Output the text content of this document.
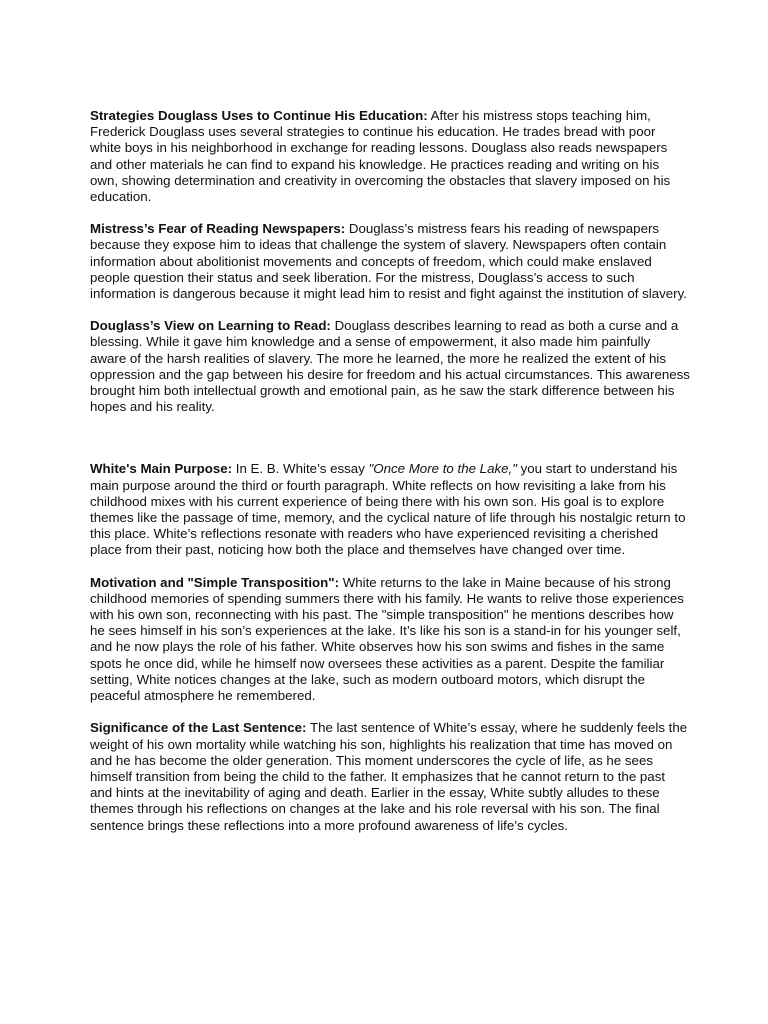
Strategies Douglass Uses to Continue His Education: After his mistress stops teaching him, Frederick Douglass uses several strategies to continue his education. He trades bread with poor white boys in his neighborhood in exchange for reading lessons. Douglass also reads newspapers and other materials he can find to expand his knowledge. He practices reading and writing on his own, showing determination and creativity in overcoming the obstacles that slavery imposed on his education.

Mistress’s Fear of Reading Newspapers: Douglass’s mistress fears his reading of newspapers because they expose him to ideas that challenge the system of slavery. Newspapers often contain information about abolitionist movements and concepts of freedom, which could make enslaved people question their status and seek liberation. For the mistress, Douglass’s access to such information is dangerous because it might lead him to resist and fight against the institution of slavery.

Douglass’s View on Learning to Read: Douglass describes learning to read as both a curse and a blessing. While it gave him knowledge and a sense of empowerment, it also made him painfully aware of the harsh realities of slavery. The more he learned, the more he realized the extent of his oppression and the gap between his desire for freedom and his actual circumstances. This awareness brought him both intellectual growth and emotional pain, as he saw the stark difference between his hopes and his reality.

White's Main Purpose: In E. B. White’s essay "Once More to the Lake," you start to understand his main purpose around the third or fourth paragraph. White reflects on how revisiting a lake from his childhood mixes with his current experience of being there with his own son. His goal is to explore themes like the passage of time, memory, and the cyclical nature of life through his nostalgic return to this place. White’s reflections resonate with readers who have experienced revisiting a cherished place from their past, noticing how both the place and themselves have changed over time.

Motivation and "Simple Transposition": White returns to the lake in Maine because of his strong childhood memories of spending summers there with his family. He wants to relive those experiences with his own son, reconnecting with his past. The "simple transposition" he mentions describes how he sees himself in his son’s experiences at the lake. It’s like his son is a stand-in for his younger self, and he now plays the role of his father. White observes how his son swims and fishes in the same spots he once did, while he himself now oversees these activities as a parent. Despite the familiar setting, White notices changes at the lake, such as modern outboard motors, which disrupt the peaceful atmosphere he remembered.

Significance of the Last Sentence: The last sentence of White’s essay, where he suddenly feels the weight of his own mortality while watching his son, highlights his realization that time has moved on and he has become the older generation. This moment underscores the cycle of life, as he sees himself transition from being the child to the father. It emphasizes that he cannot return to the past and hints at the inevitability of aging and death. Earlier in the essay, White subtly alludes to these themes through his reflections on changes at the lake and his role reversal with his son. The final sentence brings these reflections into a more profound awareness of life’s cycles.
